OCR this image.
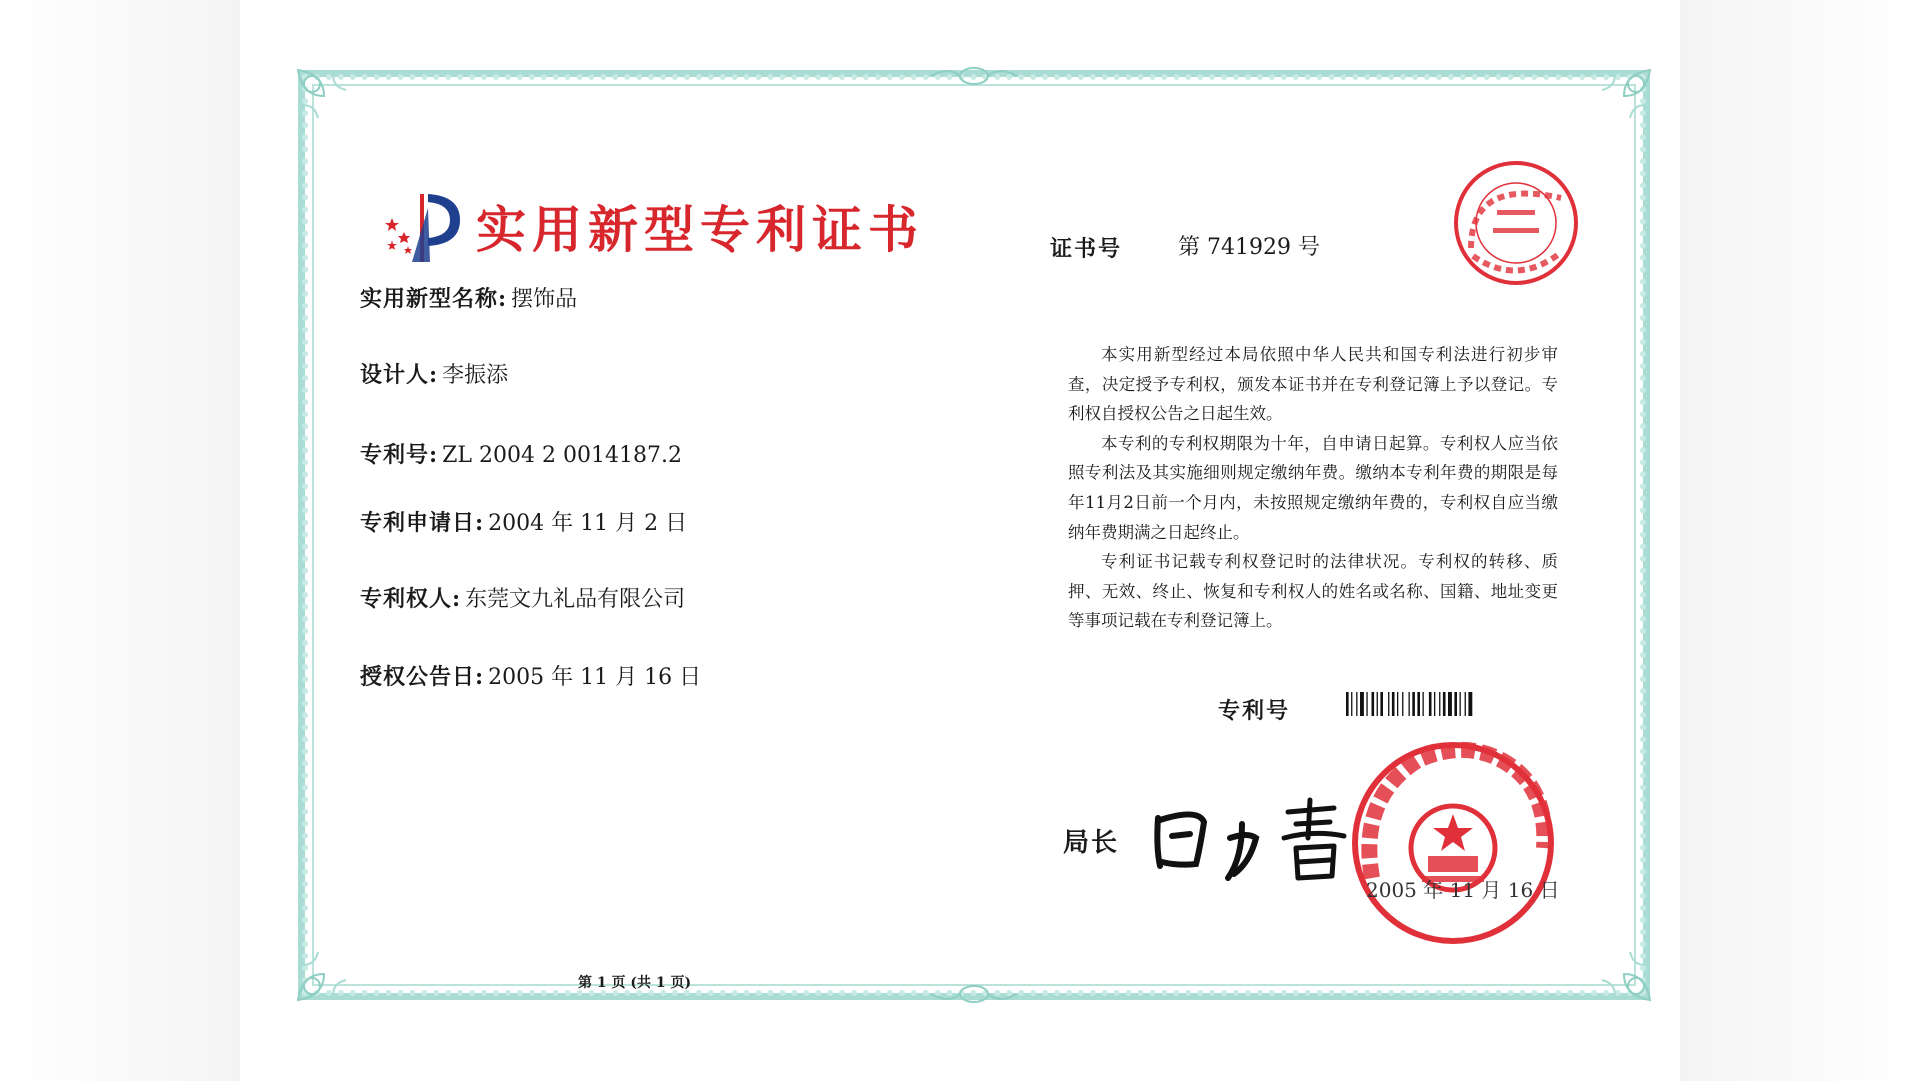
实用新型专利证书	证书号	第 741929 号
实用新型名称: 摆饰品
设计人: 李振添
专利号: ZL 2004 2 0014187.2
专利申请日: 2004 年 11 月 2 日
专利权人: 东莞文九礼品有限公司
授权公告日: 2005 年 11 月 16 日

本实用新型经过本局依照中华人民共和国专利法进行初步审查，决定授予专利权，颁发本证书并在专利登记簿上予以登记。专利权自授权公告之日起生效。

本专利的专利权期限为十年，自申请日起算。专利权人应当依照专利法及其实施细则规定缴纳年费。缴纳本专利年费的期限是每年11月2日前一个月内，未按照规定缴纳年费的，专利权自应当缴纳年费期满之日起终止。

专利证书记载专利权登记时的法律状况。专利权的转移、质押、无效、终止、恢复和专利权人的姓名或名称、国籍、地址变更等事项记载在专利登记簿上。

专利号
局长
2005 年 11 月 16 日
第 1 页 (共 1 页)
